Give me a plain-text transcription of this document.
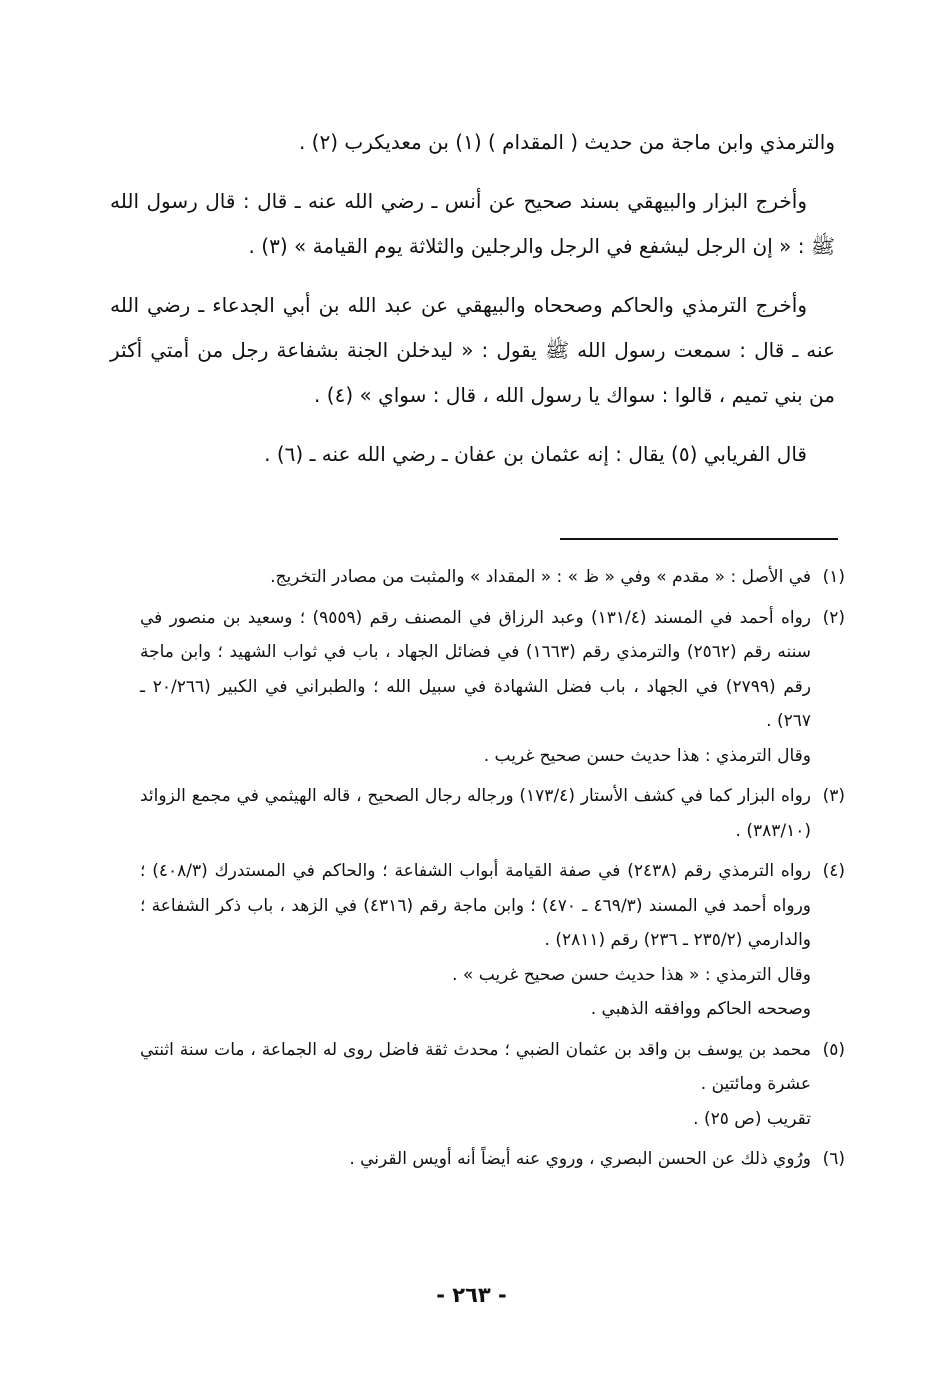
والترمذي وابن ماجة من حديث ( المقدام ) (١) بن معديكرب (٢) .

وأخرج البزار والبيهقي بسند صحيح عن أنس ـ رضي الله عنه ـ قال : قال رسول الله ﷺ : « إن الرجل ليشفع في الرجل والرجلين والثلاثة يوم القيامة » (٣) .

وأخرج الترمذي والحاكم وصححاه والبيهقي عن عبد الله بن أبي الجدعاء ـ رضي الله عنه ـ قال : سمعت رسول الله ﷺ يقول : « ليدخلن الجنة بشفاعة رجل من أمتي أكثر من بني تميم ، قالوا : سواك يا رسول الله ، قال : سواي » (٤) .

قال الفريابي (٥) يقال : إنه عثمان بن عفان ـ رضي الله عنه ـ (٦) .

(١)

في الأصل : « مقدم » وفي « ظ » : « المقداد » والمثبت من مصادر التخريج.

(٢)

رواه أحمد في المسند (١٣١/٤) وعبد الرزاق في المصنف رقم (٩٥٥٩) ؛ وسعيد بن منصور في سننه رقم (٢٥٦٢) والترمذي رقم (١٦٦٣) في فضائل الجهاد ، باب في ثواب الشهيد ؛ وابن ماجة رقم (٢٧٩٩) في الجهاد ، باب فضل الشهادة في سبيل الله ؛ والطبراني في الكبير (٢٠/٢٦٦ ـ ٢٦٧) .

وقال الترمذي : هذا حديث حسن صحيح غريب .

(٣)

رواه البزار كما في كشف الأستار (١٧٣/٤) ورجاله رجال الصحيح ، قاله الهيثمي في مجمع الزوائد (٣٨٣/١٠) .

(٤)

رواه الترمذي رقم (٢٤٣٨) في صفة القيامة أبواب الشفاعة ؛ والحاكم في المستدرك (٤٠٨/٣) ؛ ورواه أحمد في المسند (٤٦٩/٣ ـ ٤٧٠) ؛ وابن ماجة رقم (٤٣١٦) في الزهد ، باب ذكر الشفاعة ؛ والدارمي (٢٣٥/٢ ـ ٢٣٦) رقم (٢٨١١) .

وقال الترمذي : « هذا حديث حسن صحيح غريب » .

وصححه الحاكم ووافقه الذهبي .

(٥)

محمد بن يوسف بن واقد بن عثمان الضبي ؛ محدث ثقة فاضل روى له الجماعة ، مات سنة اثنتي عشرة ومائتين .

تقريب (ص ٢٥) .

(٦)

ورُوي ذلك عن الحسن البصري ، وروي عنه أيضاً أنه أويس القرني .

- ٢٦٣ -
